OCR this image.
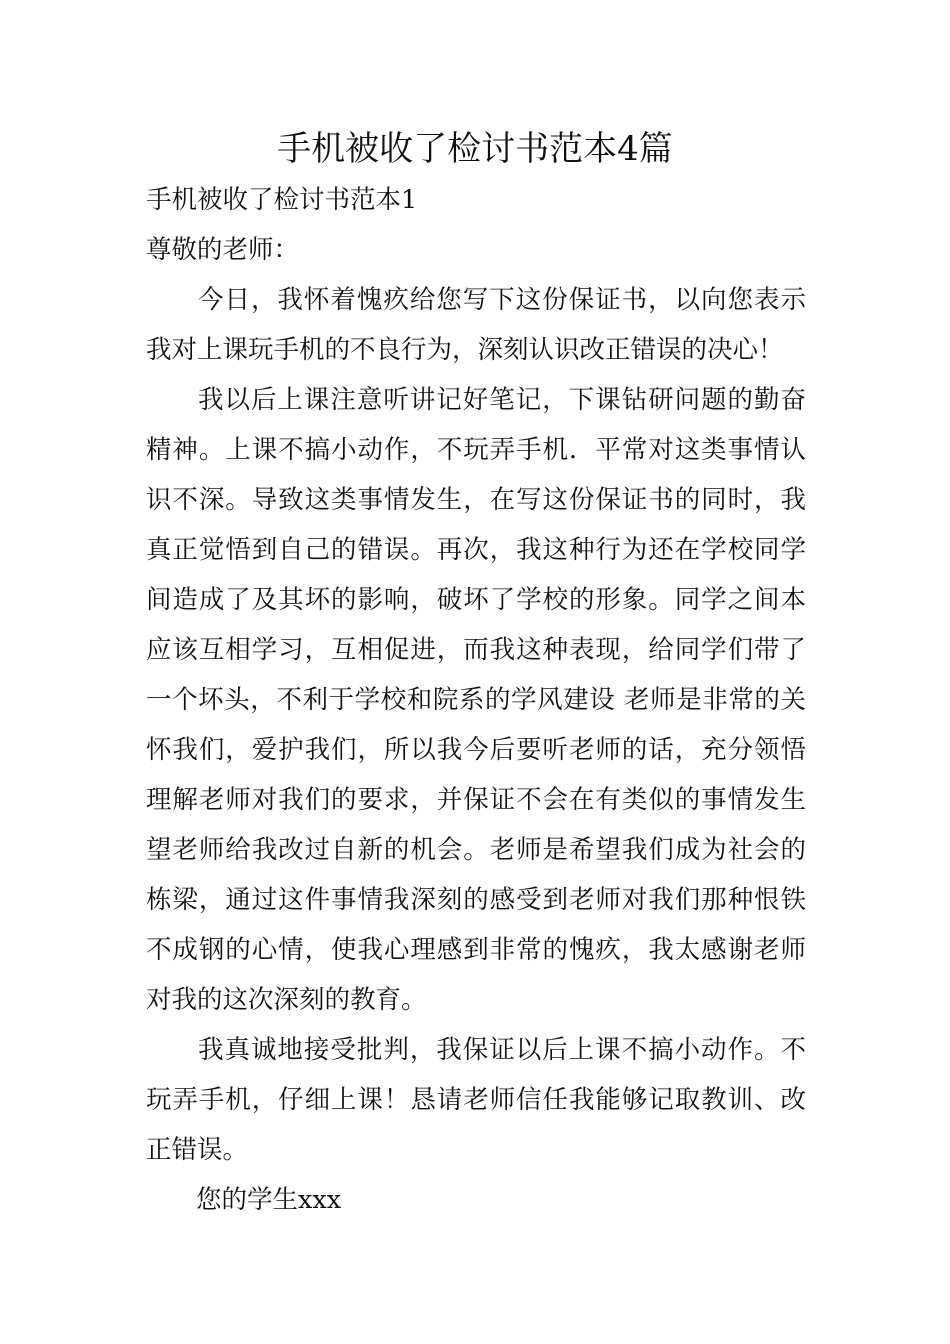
手机被收了检讨书范本4篇

手机被收了检讨书范本1

尊敬的老师：

今日，我怀着愧疚给您写下这份保证书，以向您表示

我对上课玩手机的不良行为，深刻认识改正错误的决心！

我以后上课注意听讲记好笔记，下课钻研问题的勤奋

精神。上课不搞小动作，不玩弄手机．平常对这类事情认

识不深。导致这类事情发生，在写这份保证书的同时，我

真正觉悟到自己的错误。再次，我这种行为还在学校同学

间造成了及其坏的影响，破坏了学校的形象。同学之间本

应该互相学习，互相促进，而我这种表现，给同学们带了

一个坏头，不利于学校和院系的学风建设 老师是非常的关

怀我们，爱护我们，所以我今后要听老师的话，充分领悟

理解老师对我们的要求，并保证不会在有类似的事情发生

望老师给我改过自新的机会。老师是希望我们成为社会的

栋梁，通过这件事情我深刻的感受到老师对我们那种恨铁

不成钢的心情，使我心理感到非常的愧疚，我太感谢老师

对我的这次深刻的教育。

我真诚地接受批判，我保证以后上课不搞小动作。不

玩弄手机，仔细上课！恳请老师信任我能够记取教训、改

正错误。

您的学生xxx
